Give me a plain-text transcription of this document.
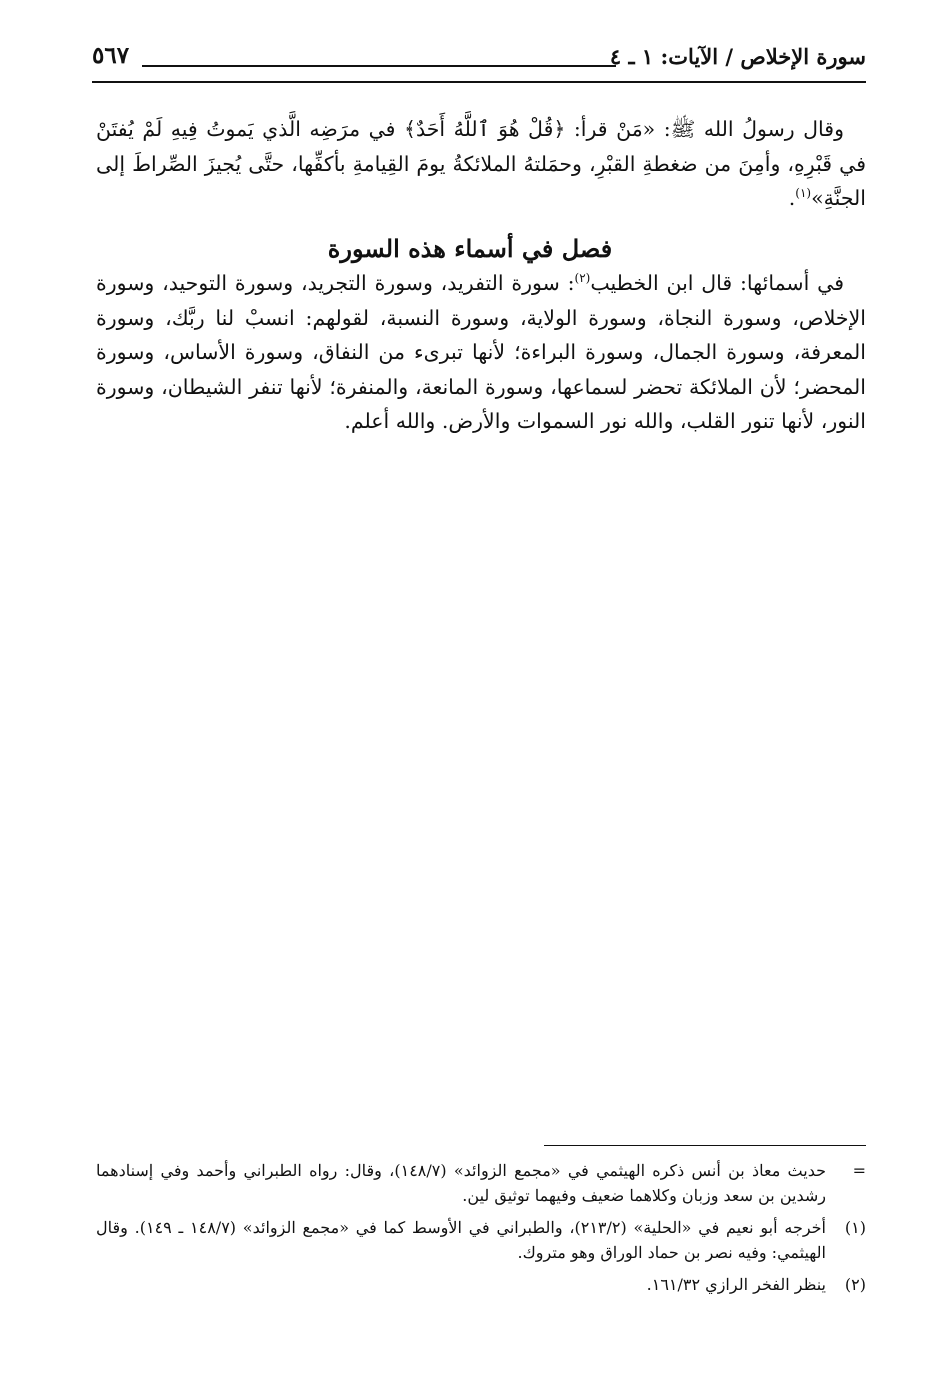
سورة الإخلاص / الآيات: ١ ـ ٤
٥٦٧

وقال رسولُ الله ﷺ: «مَنْ قرأ: ﴿قُلْ هُوَ ٱللَّهُ أَحَدٌ﴾ في مرَضِه الَّذي يَموتُ فِيهِ لَمْ يُفتَنْ في قَبْرِهِ، وأمِنَ من ضغطةِ القبْرِ، وحمَلتهُ الملائكةُ يومَ القِيامةِ بأكفِّها، حتَّى يُجيزَ الصِّراطَ إلى الجنَّةِ»$^{(١)}$.

فصل في أسماء هذه السورة

في أسمائها: قال ابن الخطيب$^{(٢)}$: سورة التفريد، وسورة التجريد، وسورة التوحيد، وسورة الإخلاص، وسورة النجاة، وسورة الولاية، وسورة النسبة، لقولهم: انسبْ لنا ربَّك، وسورة المعرفة، وسورة الجمال، وسورة البراءة؛ لأنها تبرىء من النفاق، وسورة الأساس، وسورة المحضر؛ لأن الملائكة تحضر لسماعها، وسورة المانعة، والمنفرة؛ لأنها تنفر الشيطان، وسورة النور، لأنها تنور القلب، والله نور السموات والأرض. والله أعلم.

=
حديث معاذ بن أنس ذكره الهيثمي في «مجمع الزوائد» (١٤٨/٧)، وقال: رواه الطبراني وأحمد وفي إسنادهما رشدين بن سعد وزبان وكلاهما ضعيف وفيهما توثيق لين.
(١)
أخرجه أبو نعيم في «الحلية» (٢١٣/٢)، والطبراني في الأوسط كما في «مجمع الزوائد» (١٤٨/٧ ـ ١٤٩). وقال الهيثمي: وفيه نصر بن حماد الوراق وهو متروك.
(٢)
ينظر الفخر الرازي ١٦١/٣٢.
